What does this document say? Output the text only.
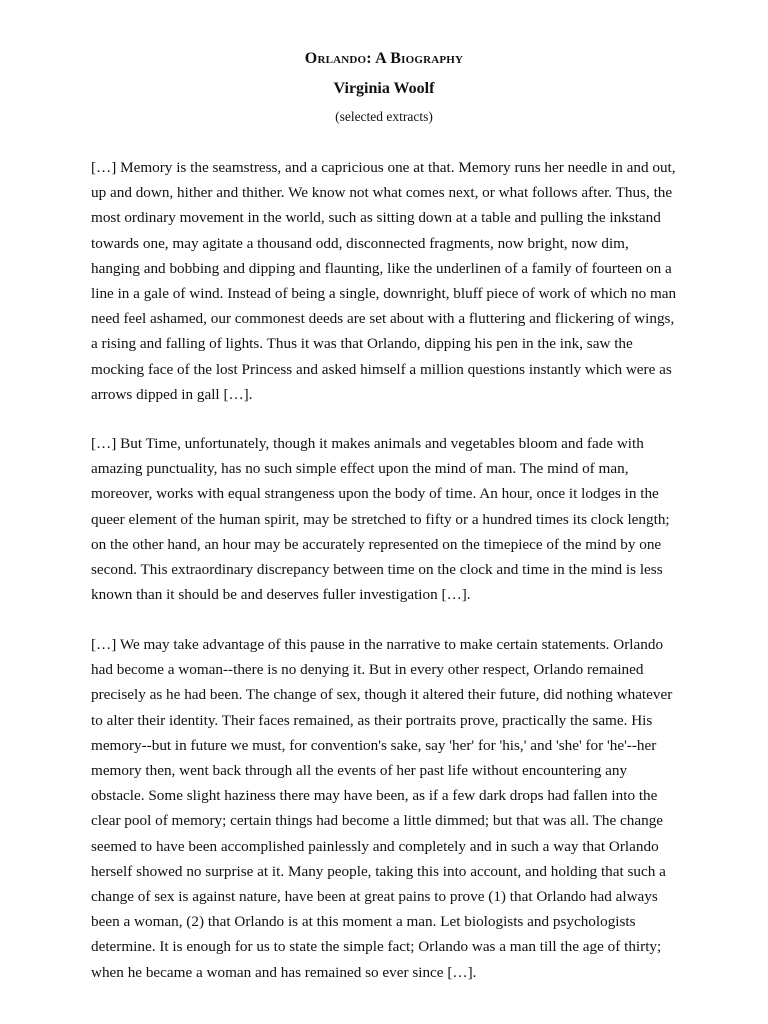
Orlando: A Biography
Virginia Woolf

(selected extracts)

[…] Memory is the seamstress, and a capricious one at that. Memory runs her needle in and out, up and down, hither and thither. We know not what comes next, or what follows after. Thus, the most ordinary movement in the world, such as sitting down at a table and pulling the inkstand towards one, may agitate a thousand odd, disconnected fragments, now bright, now dim, hanging and bobbing and dipping and flaunting, like the underlinen of a family of fourteen on a line in a gale of wind. Instead of being a single, downright, bluff piece of work of which no man need feel ashamed, our commonest deeds are set about with a fluttering and flickering of wings, a rising and falling of lights. Thus it was that Orlando, dipping his pen in the ink, saw the mocking face of the lost Princess and asked himself a million questions instantly which were as arrows dipped in gall […].

[…] But Time, unfortunately, though it makes animals and vegetables bloom and fade with amazing punctuality, has no such simple effect upon the mind of man. The mind of man, moreover, works with equal strangeness upon the body of time. An hour, once it lodges in the queer element of the human spirit, may be stretched to fifty or a hundred times its clock length; on the other hand, an hour may be accurately represented on the timepiece of the mind by one second. This extraordinary discrepancy between time on the clock and time in the mind is less known than it should be and deserves fuller investigation […].

[…] We may take advantage of this pause in the narrative to make certain statements. Orlando had become a woman--there is no denying it. But in every other respect, Orlando remained precisely as he had been. The change of sex, though it altered their future, did nothing whatever to alter their identity. Their faces remained, as their portraits prove, practically the same. His memory--but in future we must, for convention's sake, say 'her' for 'his,' and 'she' for 'he'--her memory then, went back through all the events of her past life without encountering any obstacle. Some slight haziness there may have been, as if a few dark drops had fallen into the clear pool of memory; certain things had become a little dimmed; but that was all. The change seemed to have been accomplished painlessly and completely and in such a way that Orlando herself showed no surprise at it. Many people, taking this into account, and holding that such a change of sex is against nature, have been at great pains to prove (1) that Orlando had always been a woman, (2) that Orlando is at this moment a man. Let biologists and psychologists determine. It is enough for us to state the simple fact; Orlando was a man till the age of thirty; when he became a woman and has remained so ever since […].
